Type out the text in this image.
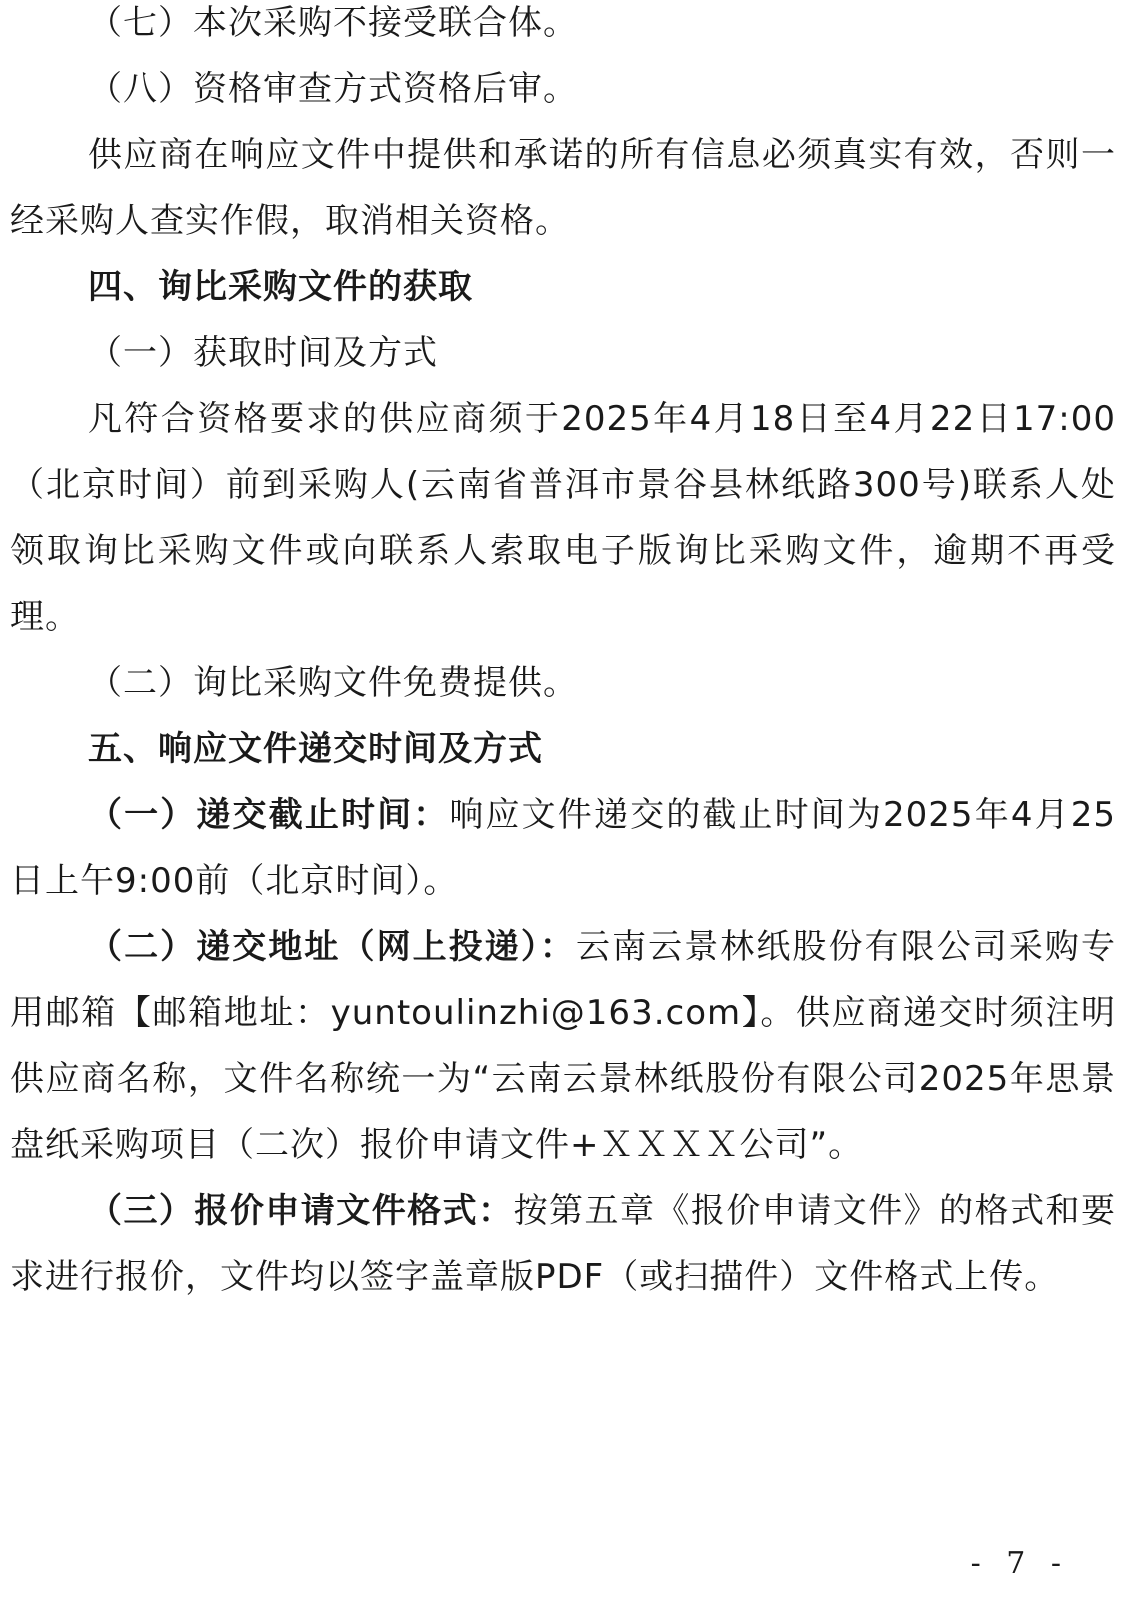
（七）本次采购不接受联合体。

（八）资格审查方式资格后审。

供应商在响应文件中提供和承诺的所有信息必须真实有效，否则一经采购人查实作假，取消相关资格。

四、询比采购文件的获取

（一）获取时间及方式

凡符合资格要求的供应商须于2025年4月18日至4月22日17:00（北京时间）前到采购人(云南省普洱市景谷县林纸路300号)联系人处领取询比采购文件或向联系人索取电子版询比采购文件，逾期不再受理。

（二）询比采购文件免费提供。

五、响应文件递交时间及方式

（一）递交截止时间：响应文件递交的截止时间为2025年4月25日上午9:00前（北京时间）。

（二）递交地址（网上投递）：云南云景林纸股份有限公司采购专用邮箱【邮箱地址：yuntoulinzhi@163.com】。供应商递交时须注明供应商名称，文件名称统一为“云南云景林纸股份有限公司2025年思景盘纸采购项目（二次）报价申请文件+ＸＸＸＸ公司”。

（三）报价申请文件格式：按第五章《报价申请文件》的格式和要求进行报价，文件均以签字盖章版PDF（或扫描件）文件格式上传。

- 7 -
